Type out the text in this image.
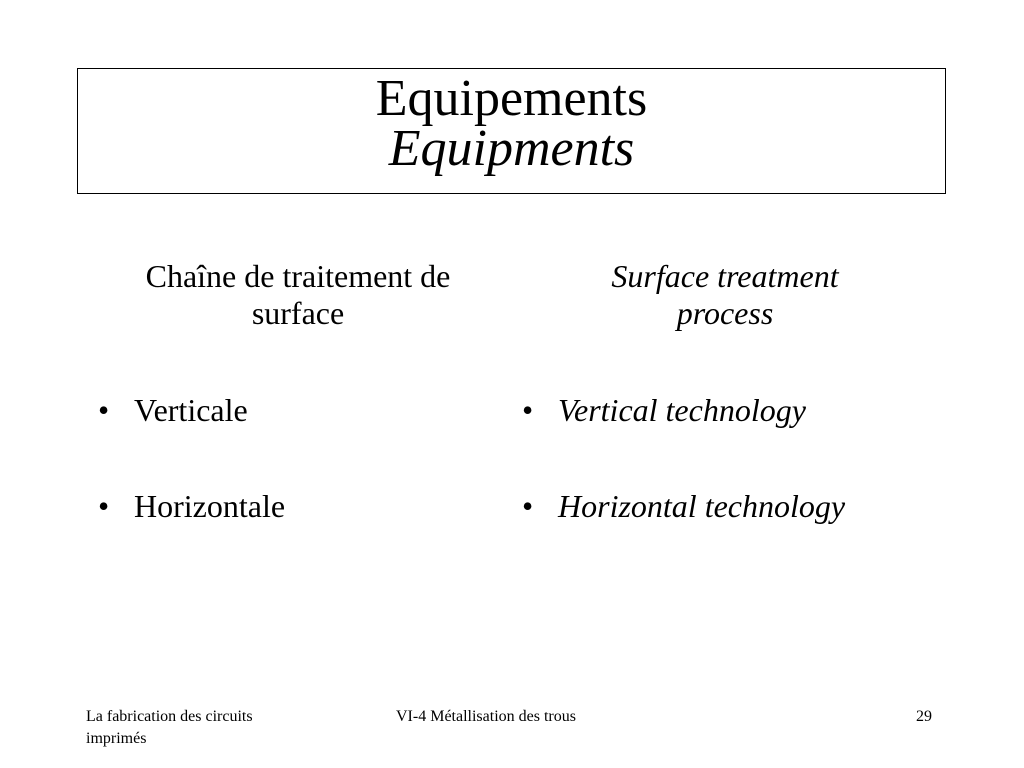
Equipements
Equipments
Chaîne de traitement de surface
Surface treatment process
• Verticale
• Horizontale
• Vertical technology
• Horizontal technology
La fabrication des circuits imprimés
VI-4 Métallisation des trous	29
